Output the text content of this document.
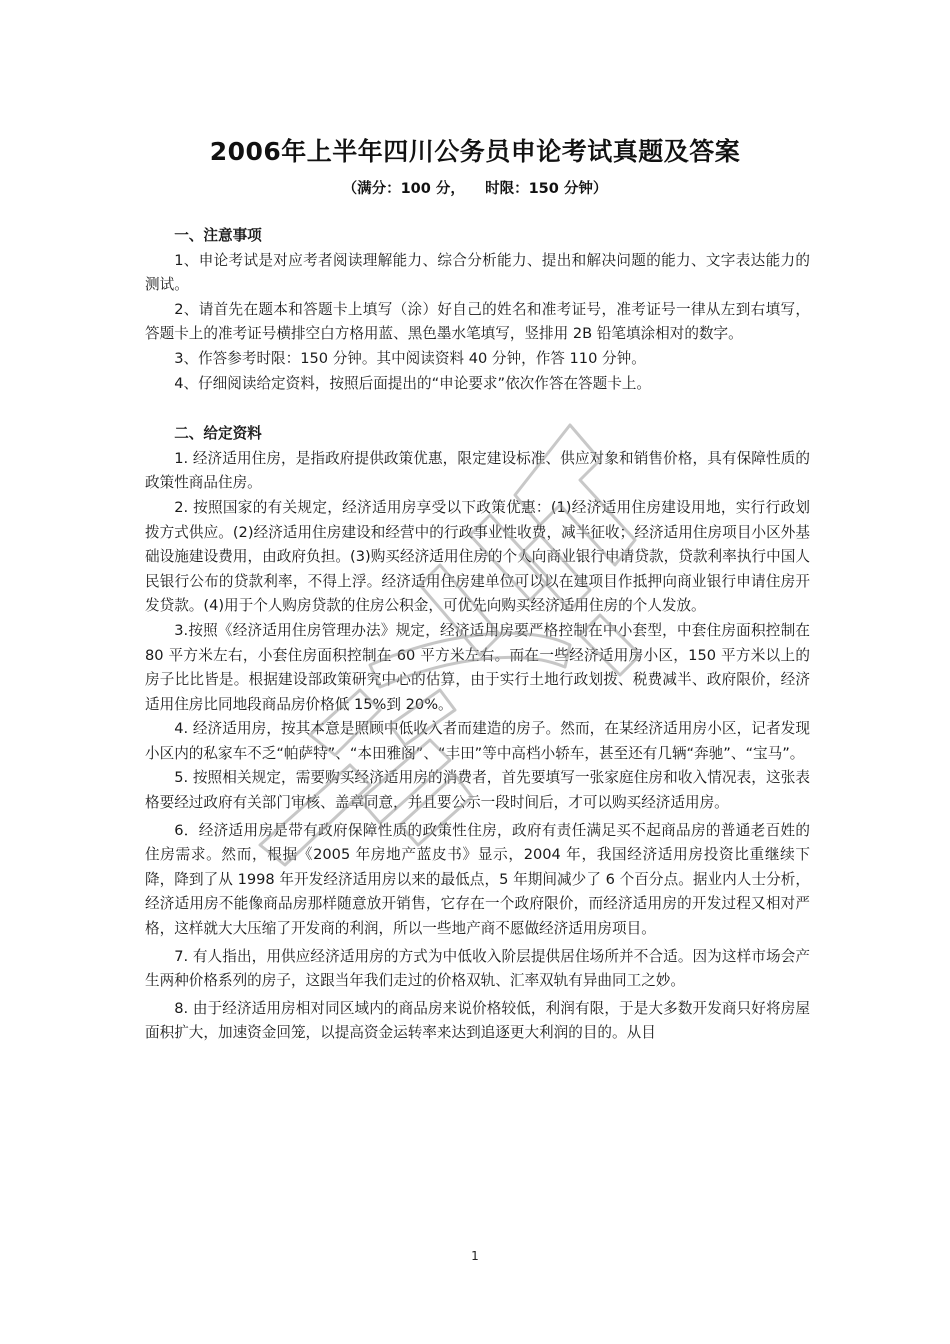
2006年上半年四川公务员申论考试真题及答案
（满分：100 分，    时限：150 分钟）
一、注意事项

1、申论考试是对应考者阅读理解能力、综合分析能力、提出和解决问题的能力、文字表达能力的测试。

2、请首先在题本和答题卡上填写（涂）好自己的姓名和准考证号，准考证号一律从左到右填写，答题卡上的准考证号横排空白方格用蓝、黑色墨水笔填写，竖排用 2B 铅笔填涂相对的数字。

3、作答参考时限：150 分钟。其中阅读资料 40 分钟，作答 110 分钟。

4、仔细阅读给定资料，按照后面提出的“申论要求”依次作答在答题卡上。

二、给定资料

1. 经济适用住房，是指政府提供政策优惠，限定建设标准、供应对象和销售价格，具有保障性质的政策性商品住房。

2. 按照国家的有关规定，经济适用房享受以下政策优惠：(1)经济适用住房建设用地，实行行政划拨方式供应。(2)经济适用住房建设和经营中的行政事业性收费，减半征收；经济适用住房项目小区外基础设施建设费用，由政府负担。(3)购买经济适用住房的个人向商业银行申请贷款，贷款利率执行中国人民银行公布的贷款利率，不得上浮。经济适用住房建单位可以以在建项目作抵押向商业银行申请住房开发贷款。(4)用于个人购房贷款的住房公积金，可优先向购买经济适用住房的个人发放。

3.按照《经济适用住房管理办法》规定，经济适用房要严格控制在中小套型，中套住房面积控制在 80 平方米左右，小套住房面积控制在 60 平方米左右。而在一些经济适用房小区，150 平方米以上的房子比比皆是。根据建设部政策研究中心的估算，由于实行土地行政划拨、税费减半、政府限价，经济适用住房比同地段商品房价格低 15%到 20%。

4. 经济适用房，按其本意是照顾中低收入者而建造的房子。然而，在某经济适用房小区，记者发现小区内的私家车不乏“帕萨特”、“本田雅阁”、“丰田”等中高档小轿车，甚至还有几辆“奔驰”、“宝马”。

5. 按照相关规定，需要购买经济适用房的消费者，首先要填写一张家庭住房和收入情况表，这张表格要经过政府有关部门审核、盖章同意，并且要公示一段时间后，才可以购买经济适用房。

6．经济适用房是带有政府保障性质的政策性住房，政府有责任满足买不起商品房的普通老百姓的住房需求。然而，根据《2005 年房地产蓝皮书》显示，2004 年，我国经济适用房投资比重继续下降，降到了从 1998 年开发经济适用房以来的最低点，5 年期间减少了 6 个百分点。据业内人士分析，经济适用房不能像商品房那样随意放开销售，它存在一个政府限价，而经济适用房的开发过程又相对严格，这样就大大压缩了开发商的利润，所以一些地产商不愿做经济适用房项目。

7. 有人指出，用供应经济适用房的方式为中低收入阶层提供居住场所并不合适。因为这样市场会产生两种价格系列的房子，这跟当年我们走过的价格双轨、汇率双轨有异曲同工之妙。

8. 由于经济适用房相对同区域内的商品房来说价格较低，利润有限，于是大多数开发商只好将房屋面积扩大，加速资金回笼，以提高资金运转率来达到追逐更大利润的目的。从目

1
